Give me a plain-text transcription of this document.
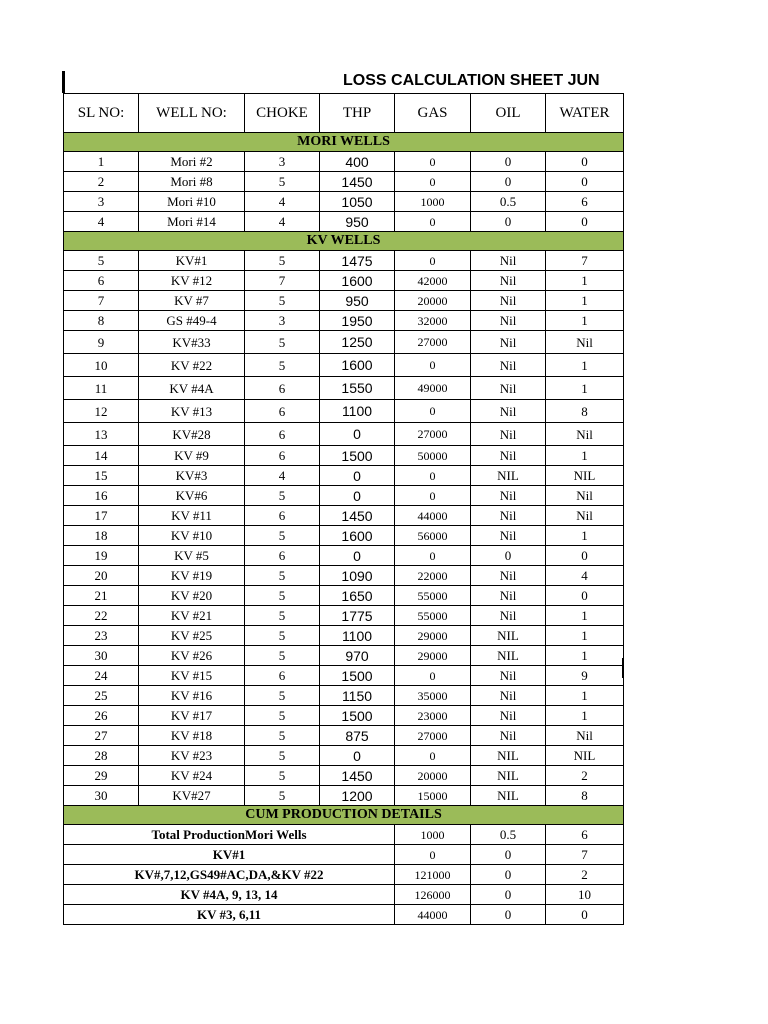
LOSS CALCULATION SHEET JUN
SL NO:	WELL NO:	CHOKE	THP	GAS	OIL	WATER
MORI WELLS						
1	Mori #2	3	400	0	0	0
2	Mori #8	5	1450	0	0	0
3	Mori #10	4	1050	1000	0.5	6
4	Mori #14	4	950	0	0	0
KV WELLS						
5	KV#1	5	1475	0	Nil	7
6	KV #12	7	1600	42000	Nil	1
7	KV #7	5	950	20000	Nil	1
8	GS #49-4	3	1950	32000	Nil	1
9	KV#33	5	1250	27000	Nil	Nil
10	KV #22	5	1600	0	Nil	1
11	KV #4A	6	1550	49000	Nil	1
12	KV #13	6	1100	0	Nil	8
13	KV#28	6	0	27000	Nil	Nil
14	KV #9	6	1500	50000	Nil	1
15	KV#3	4	0	0	NIL	NIL
16	KV#6	5	0	0	Nil	Nil
17	KV #11	6	1450	44000	Nil	Nil
18	KV #10	5	1600	56000	Nil	1
19	KV #5	6	0	0	0	0
20	KV #19	5	1090	22000	Nil	4
21	KV #20	5	1650	55000	Nil	0
22	KV #21	5	1775	55000	Nil	1
23	KV #25	5	1100	29000	NIL	1
30	KV #26	5	970	29000	NIL	1
24	KV #15	6	1500	0	Nil	9
25	KV #16	5	1150	35000	Nil	1
26	KV #17	5	1500	23000	Nil	1
27	KV #18	5	875	27000	Nil	Nil
28	KV #23	5	0	0	NIL	NIL
29	KV #24	5	1450	20000	NIL	2
30	KV#27	5	1200	15000	NIL	8
CUM PRODUCTION DETAILS						
Total ProductionMori Wells				1000	0.5	6
KV#1				0	0	7
KV#,7,12,GS49#AC,DA,&KV #22				121000	0	2
KV #4A, 9, 13, 14				126000	0	10
KV #3, 6,11				44000	0	0
